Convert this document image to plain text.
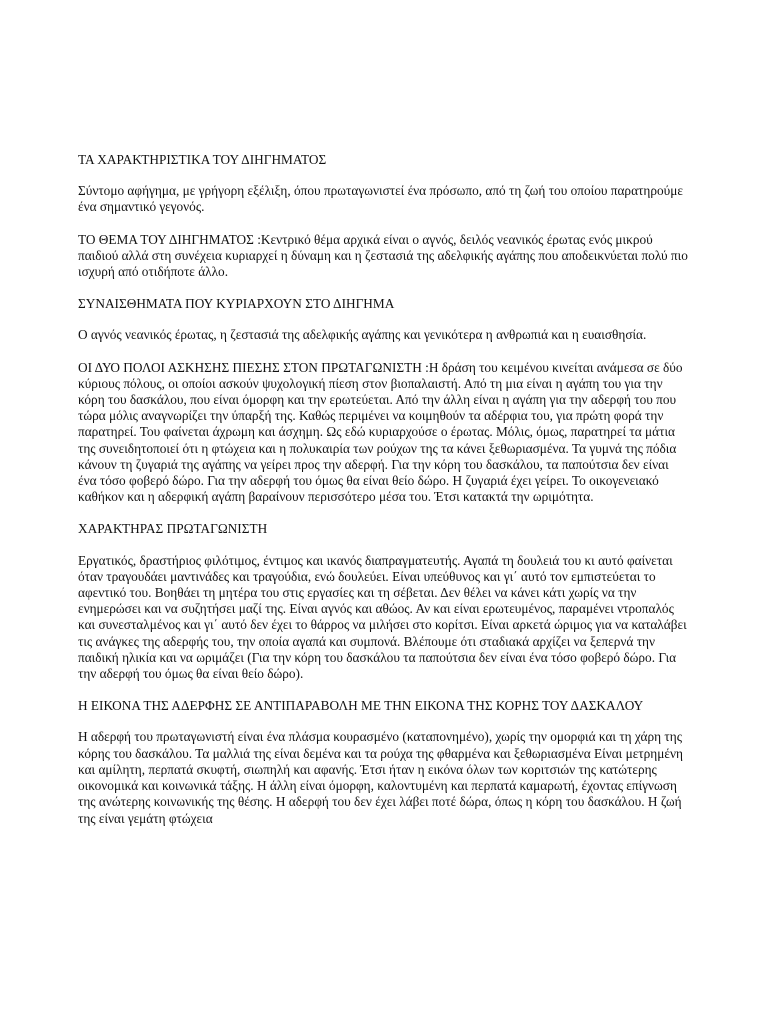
ΤΑ ΧΑΡΑΚΤΗΡΙΣΤΙΚΑ ΤΟΥ ΔΙΗΓΗΜΑΤΟΣ
Σύντομο αφήγημα, με γρήγορη εξέλιξη, όπου πρωταγωνιστεί ένα πρόσωπο, από τη ζωή του οποίου παρατηρούμε ένα σημαντικό γεγονός.
ΤΟ ΘΕΜΑ ΤΟΥ ΔΙΗΓΗΜΑΤΟΣ :Κεντρικό θέμα αρχικά είναι ο αγνός, δειλός νεανικός έρωτας ενός μικρού παιδιού αλλά στη συνέχεια κυριαρχεί η δύναμη και η ζεστασιά της αδελφικής αγάπης που αποδεικνύεται πολύ πιο ισχυρή από οτιδήποτε άλλο.
ΣΥΝΑΙΣΘΗΜΑΤΑ ΠΟΥ ΚΥΡΙΑΡΧΟΥΝ ΣΤΟ ΔΙΗΓΗΜΑ
Ο αγνός νεανικός έρωτας, η ζεστασιά της αδελφικής αγάπης και γενικότερα η ανθρωπιά και η ευαισθησία.
ΟΙ ΔΥΟ ΠΟΛΟΙ ΑΣΚΗΣΗΣ ΠΙΕΣΗΣ ΣΤΟΝ ΠΡΩΤΑΓΩΝΙΣΤΗ :Η δράση του κειμένου κινείται ανάμεσα σε δύο κύριους πόλους, οι οποίοι ασκούν ψυχολογική πίεση στον βιοπαλαιστή. Από τη μια είναι η αγάπη του για την κόρη του δασκάλου, που είναι όμορφη και την ερωτεύεται. Από την άλλη είναι η αγάπη για την αδερφή του που τώρα μόλις αναγνωρίζει την ύπαρξή της. Καθώς περιμένει να κοιμηθούν τα αδέρφια του, για πρώτη φορά την παρατηρεί. Του φαίνεται άχρωμη και άσχημη. Ως εδώ κυριαρχούσε ο έρωτας. Μόλις, όμως, παρατηρεί τα μάτια της συνειδητοποιεί ότι η φτώχεια και η πολυκαιρία των ρούχων της τα κάνει ξεθωριασμένα. Τα γυμνά της πόδια κάνουν τη ζυγαριά της αγάπης να γείρει προς την αδερφή. Για την κόρη του δασκάλου, τα παπούτσια δεν είναι ένα τόσο φοβερό δώρο. Για την αδερφή του όμως θα είναι θείο δώρο. Η ζυγαριά έχει γείρει. Το οικογενειακό καθήκον και η αδερφική αγάπη βαραίνουν περισσότερο μέσα του. Έτσι κατακτά την ωριμότητα.
ΧΑΡΑΚΤΗΡΑΣ ΠΡΩΤΑΓΩΝΙΣΤΗ
Εργατικός, δραστήριος φιλότιμος, έντιμος και ικανός διαπραγματευτής. Αγαπά τη δουλειά του κι αυτό φαίνεται όταν τραγουδάει μαντινάδες και τραγούδια, ενώ δουλεύει. Είναι υπεύθυνος και γι΄ αυτό τον εμπιστεύεται το αφεντικό του. Βοηθάει τη μητέρα του στις εργασίες και τη σέβεται. Δεν θέλει να κάνει κάτι χωρίς να την ενημερώσει και να συζητήσει μαζί της. Είναι αγνός και αθώος. Αν και είναι ερωτευμένος, παραμένει ντροπαλός και συνεσταλμένος και γι΄ αυτό δεν έχει το θάρρος να μιλήσει στο κορίτσι. Είναι αρκετά ώριμος για να καταλάβει τις ανάγκες της αδερφής του, την οποία αγαπά και συμπονά. Βλέπουμε ότι σταδιακά αρχίζει να ξεπερνά την παιδική ηλικία και να ωριμάζει (Για την κόρη του δασκάλου τα παπούτσια δεν είναι ένα τόσο φοβερό δώρο. Για την αδερφή του όμως θα είναι θείο δώρο).
Η ΕΙΚΟΝΑ ΤΗΣ ΑΔΕΡΦΗΣ ΣΕ ΑΝΤΙΠΑΡΑΒΟΛΗ ΜΕ ΤΗΝ ΕΙΚΟΝΑ ΤΗΣ ΚΟΡΗΣ ΤΟΥ ΔΑΣΚΑΛΟΥ
Η αδερφή του πρωταγωνιστή είναι ένα πλάσμα κουρασμένο (καταπονημένο), χωρίς την ομορφιά και τη χάρη της κόρης του δασκάλου. Τα μαλλιά της είναι δεμένα και τα ρούχα της φθαρμένα και ξεθωριασμένα Είναι μετρημένη και αμίλητη, περπατά σκυφτή, σιωπηλή και αφανής. Έτσι ήταν η εικόνα όλων των κοριτσιών της κατώτερης οικονομικά και κοινωνικά τάξης. Η άλλη είναι όμορφη, καλοντυμένη και περπατά καμαρωτή, έχοντας επίγνωση της ανώτερης κοινωνικής της θέσης. Η αδερφή του δεν έχει λάβει ποτέ δώρα, όπως η κόρη του δασκάλου. Η ζωή της είναι γεμάτη φτώχεια
